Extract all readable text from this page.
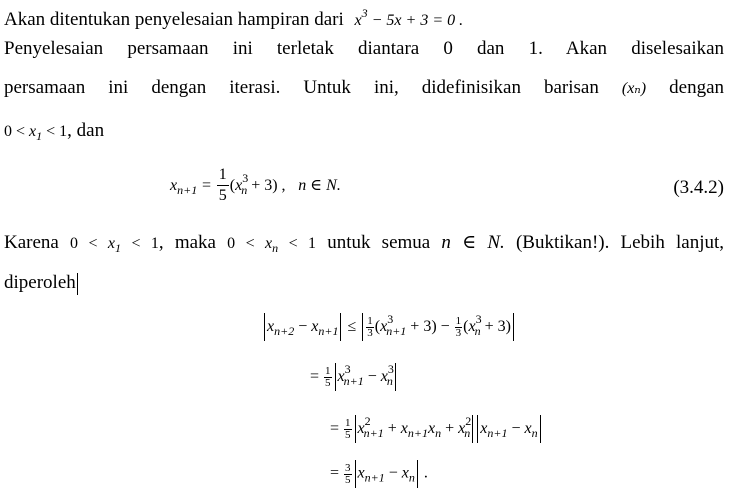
Akan ditentukan penyelesaian hampiran dari $x^3 - 5x + 3 = 0$ .
Penyelesaian persamaan ini terletak diantara 0 dan 1. Akan diselesaikan
persamaan ini dengan iterasi. Untuk ini, didefinisikan barisan (xₙ) dengan
$0 < x_1 < 1$, dan
$x_{n+1} = \frac{1}{5} (x^3_n + 3)$ , n ∈ N.	(3.4.2)
Karena $0 < x_1 < 1$, maka $0 < x_n < 1$ untuk semua n ∈ N. (Buktikan!). Lebih lanjut,
diperoleh
$x_{n+2} - x_{n+1} \le \frac{1}{3} (x^3_{n+1} + 3) - \frac{1}{3} (x^3_n + 3)$
= $\frac{1}{5} x^3_{n+1} - x^3_n$
= $\frac{1}{5} x^2_{n+1} + x_{n+1}x_n + x^2_n$ $x_{n+1} - x_n$
= $\frac{3}{5} x_{n+1} - x_n$ .
